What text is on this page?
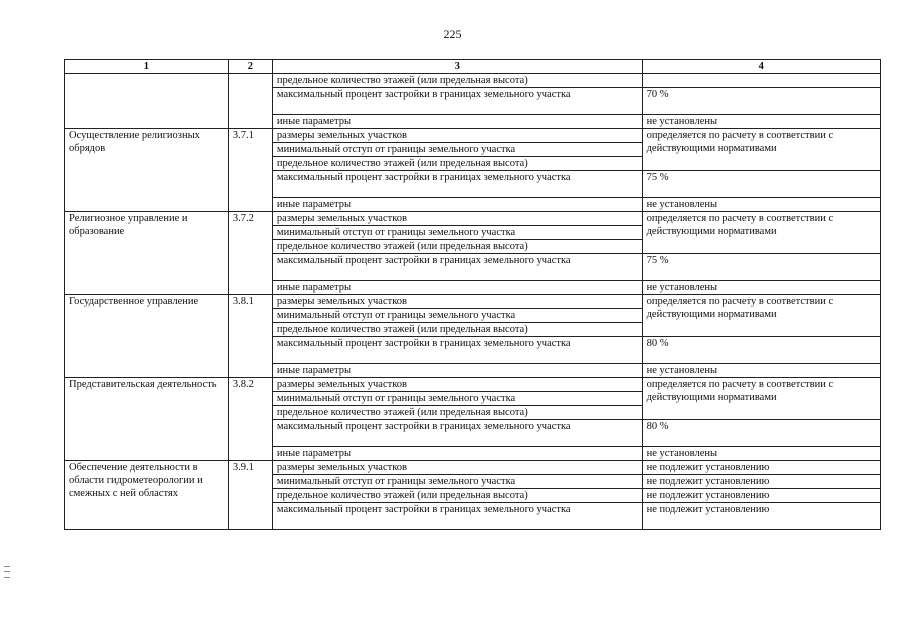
225
1	2	3	4
		предельное количество этажей (или предельная высота)	
		максимальный процент застройки в границах земельного участка	70 %
		иные параметры	не установлены
Осуществление религиозных обрядов	3.7.1	размеры земельных участков	определяется по расчету в соответствии с действующими нормативами
		минимальный отступ от границы земельного участка	
		предельное количество этажей (или предельная высота)	
		максимальный процент застройки в границах земельного участка	75 %
		иные параметры	не установлены
Религиозное управление и образование	3.7.2	размеры земельных участков	определяется по расчету в соответствии с действующими нормативами
		минимальный отступ от границы земельного участка	
		предельное количество этажей (или предельная высота)	
		максимальный процент застройки в границах земельного участка	75 %
		иные параметры	не установлены
Государственное управление	3.8.1	размеры земельных участков	определяется по расчету в соответствии с действующими нормативами
		минимальный отступ от границы земельного участка	
		предельное количество этажей (или предельная высота)	
		максимальный процент застройки в границах земельного участка	80 %
		иные параметры	не установлены
Представительская деятельность	3.8.2	размеры земельных участков	определяется по расчету в соответствии с действующими нормативами
		минимальный отступ от границы земельного участка	
		предельное количество этажей (или предельная высота)	
		максимальный процент застройки в границах земельного участка	80 %
		иные параметры	не установлены
Обеспечение деятельности в области гидрометеорологии и смежных с ней областях	3.9.1	размеры земельных участков	не подлежит установлению
		минимальный отступ от границы земельного участка	не подлежит установлению
		предельное количество этажей (или предельная высота)	не подлежит установлению
		максимальный процент застройки в границах земельного участка	не подлежит установлению
